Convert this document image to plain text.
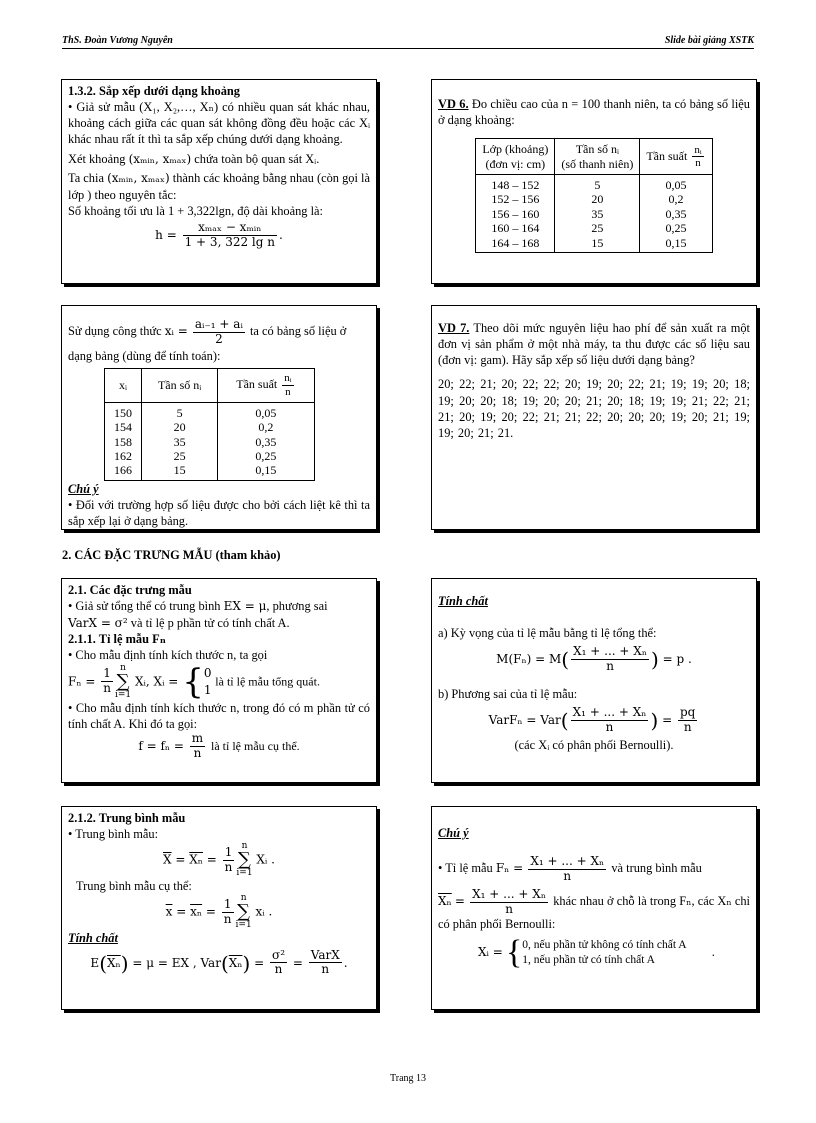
ThS. Đoàn Vương Nguyên	Slide bài giảng XSTK

1.3.2. Sắp xếp dưới dạng khoảng

• Giả sử mẫu (X₁, X₂,…, Xₙ) có nhiều quan sát khác nhau, khoảng cách giữa các quan sát không đồng đều hoặc các Xᵢ khác nhau rất ít thì ta sắp xếp chúng dưới dạng khoảng.

Xét khoảng (xₘᵢₙ, xₘₐₓ) chứa toàn bộ quan sát Xᵢ.

Ta chia (xₘᵢₙ, xₘₐₓ) thành các khoảng bằng nhau (còn gọi là lớp ) theo nguyên tắc:

Số khoảng tối ưu là 1 + 3,322lgn, độ dài khoảng là:

$h = \frac{\text{xₘₐₓ − xₘᵢₙ}}{\text{1 + 3, 322 lg n}}$ .

VD 6. Đo chiều cao của n = 100 thanh niên, ta có bảng số liệu ở dạng khoảng:

Lớp (khoảng)
(đơn vị: cm)	Tần số nᵢ
(số thanh niên)	Tần suất $\frac{\text{nᵢ}}{n}$

148 – 152	5	0,05
152 – 156	20	0,2
156 – 160	35	0,35
160 – 164	25	0,25
164 – 168	15	0,15

Sử dụng công thức xᵢ = $\frac{\text{aᵢ₋₁ + aᵢ}}{2}$ ta có bảng số liệu ở dạng bảng (dùng để tính toán):

xᵢ	Tần số nᵢ	Tần suất $\frac{\text{nᵢ}}{n}$

150	5	0,05
154	20	0,2
158	35	0,35
162	25	0,25
166	15	0,15

Chú ý

• Đối với trường hợp số liệu được cho bởi cách liệt kê thì ta sắp xếp lại ở dạng bảng.

VD 7. Theo dõi mức nguyên liệu hao phí để sản xuất ra một đơn vị sản phẩm ở một nhà máy, ta thu được các số liệu sau (đơn vị: gam). Hãy sắp xếp số liệu dưới dạng bảng?

20; 22; 21; 20; 22; 22; 20; 19; 20; 22; 21; 19; 19; 20; 18; 19; 20; 20; 18; 19; 20; 20; 21; 20; 18; 19; 19; 21; 22; 21; 21; 20; 19; 20; 22; 21; 21; 22; 20; 20; 20; 19; 20; 21; 19; 19; 20; 21; 21.

2. CÁC ĐẶC TRƯNG MẪU (tham khảo)

2.1. Các đặc trưng mẫu

• Giả sử tổng thể có trung bình EX = μ, phương sai

VarX = σ² và tỉ lệ p phần tử có tính chất A.

2.1.1. Tỉ lệ mẫu Fₙ

• Cho mẫu định tính kích thước n, ta gọi

$F_n = \frac{1}{n}$ n
∑
i=1 Xᵢ, Xᵢ = {0
1 là tỉ lệ mẫu tổng quát.

• Cho mẫu định tính kích thước n, trong đó có m phần tử có tính chất A. Khi đó ta gọi:

$f = f_n = \frac{m}{n}$ là tỉ lệ mẫu cụ thể.

Tính chất

a) Kỳ vọng của tỉ lệ mẫu bằng tỉ lệ tổng thể:

$M(F_n) = M( \frac{\text{X₁ + ... + Xₙ}}{n}$ ) = p .

b) Phương sai của tỉ lệ mẫu:

VarFₙ = $Var( \frac{\text{X₁ + ... + Xₙ}}{n}$ ) = $\frac{pq}{n}$

(các Xᵢ có phân phối Bernoulli).

2.1.2. Trung bình mẫu

• Trung bình mẫu:

$\overline{X} = \overline{X_n} = \frac{1}{n}$ n
∑
i=1 Xᵢ .

Trung bình mẫu cụ thể:

$\overline{x} = \overline{x_n} = \frac{1}{n}$ n
∑
i=1 xᵢ .

Tính chất

$E(\overline{X_n}) = \mu$ = EX , $Var(\overline{X_n}) = \frac{\text{σ²}}{n} = \frac{\text{VarX}}{n}$ .

Chú ý

• Tỉ lệ mẫu $F_n = \frac{\text{X₁ + ... + Xₙ}}{n}$ và trung bình mẫu

$\overline{X_n} = \frac{\text{X₁ + ... + Xₙ}}{n}$ khác nhau ở chỗ là trong Fₙ, các Xₙ chỉ có phân phối Bernoulli:

Xᵢ = {0, nếu phần tử không có tính chất A
1, nếu phần tử có tính chất A .

Trang 13
